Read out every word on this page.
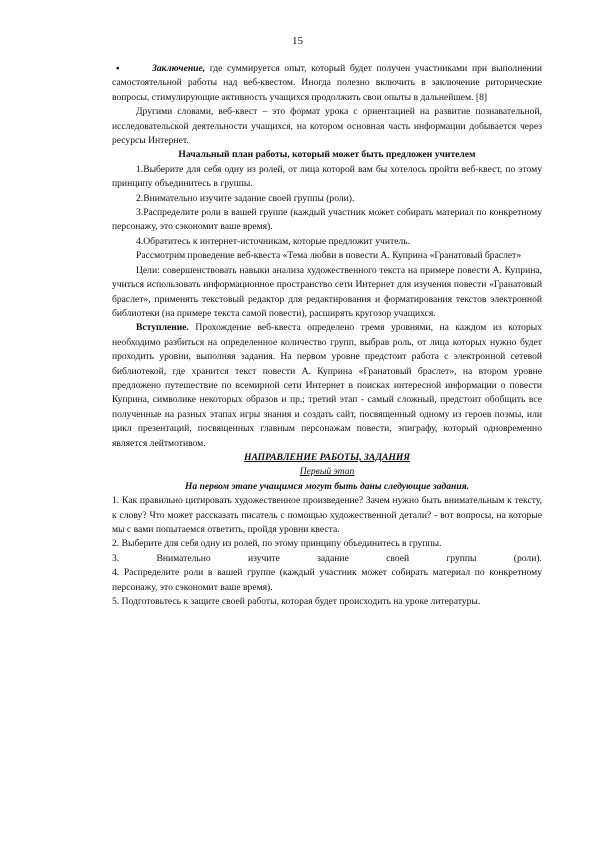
15

▪	Заключение, где суммируется опыт, который будет получен участниками при выполнении самостоятельной работы над веб-квестом. Иногда полезно включить в заключение риторические вопросы, стимулирующие активность учащихся продолжить свои опыты в дальнейшем. [8]

Другими словами, веб-квест – это формат урока с ориентацией на развитие познавательной, исследовательской деятельности учащихся, на котором основная часть информации добывается через ресурсы Интернет.

Начальный план работы, который может быть предложен учителем

1.Выберите для себя одну из ролей, от лица которой вам бы хотелось пройти веб-квест, по этому принципу объединитесь в группы.

2.Внимательно изучите задание своей группы (роли).

3.Распределите роли в вашей группе (каждый участник может собирать материал по конкретному персонажу, это сэкономит ваше время).

4.Обратитесь к интернет-источникам, которые предложит учитель.

Рассмотрим проведение веб-квеста «Тема любви в повести А. Куприна «Гранатовый браслет»

Цели: совершенствовать навыки анализа художественного текста на примере повести А. Куприна, учиться использовать информационное пространство сети Интернет для изучения повести «Гранатовый браслет», применять текстовый редактор для редактирования и форматирования текстов электронной библиотеки (на примере текста самой повести), расширять кругозор учащихся.

Вступление. Прохождение веб-квеста определено тремя уровнями, на каждом из которых необходимо разбиться на определенное количество групп, выбрав роль, от лица которых нужно будет проходить уровни, выполняя задания. На первом уровне предстоит работа с электронной сетевой библиотекой, где хранится текст повести А. Куприна «Гранатовый браслет», на втором уровне предложено путешествие по всемирной сети Интернет в поисках интересной информации о повести Куприна, символике некоторых образов и пр.; третий этап - самый сложный, предстоит обобщить все полученные на разных этапах игры знания и создать сайт, посвященный одному из героев поэмы, или цикл презентаций, посвященных главным персонажам повести, эпиграфу, который одновременно является лейтмотивом.

НАПРАВЛЕНИЕ РАБОТЫ, ЗАДАНИЯ

Первый этап

На первом этапе учащимся могут быть даны следующие задания.

1. Как правильно цитировать художественное произведение? Зачем нужно быть внимательным к тексту, к слову? Что может рассказать писатель с помощью художественной детали? - вот вопросы, на которые мы с вами попытаемся ответить, пройдя уровни квеста.

2. Выберите для себя одну из ролей, по этому принципу объединитесь в группы.

3.	Внимательно	изучите	задание	своей	группы	(роли).

4. Распределите роли в вашей группе (каждый участник может собирать материал по конкретному персонажу, это сэкономит ваше время).

5. Подготовьтесь к защите своей работы, которая будет происходить на уроке литературы.
